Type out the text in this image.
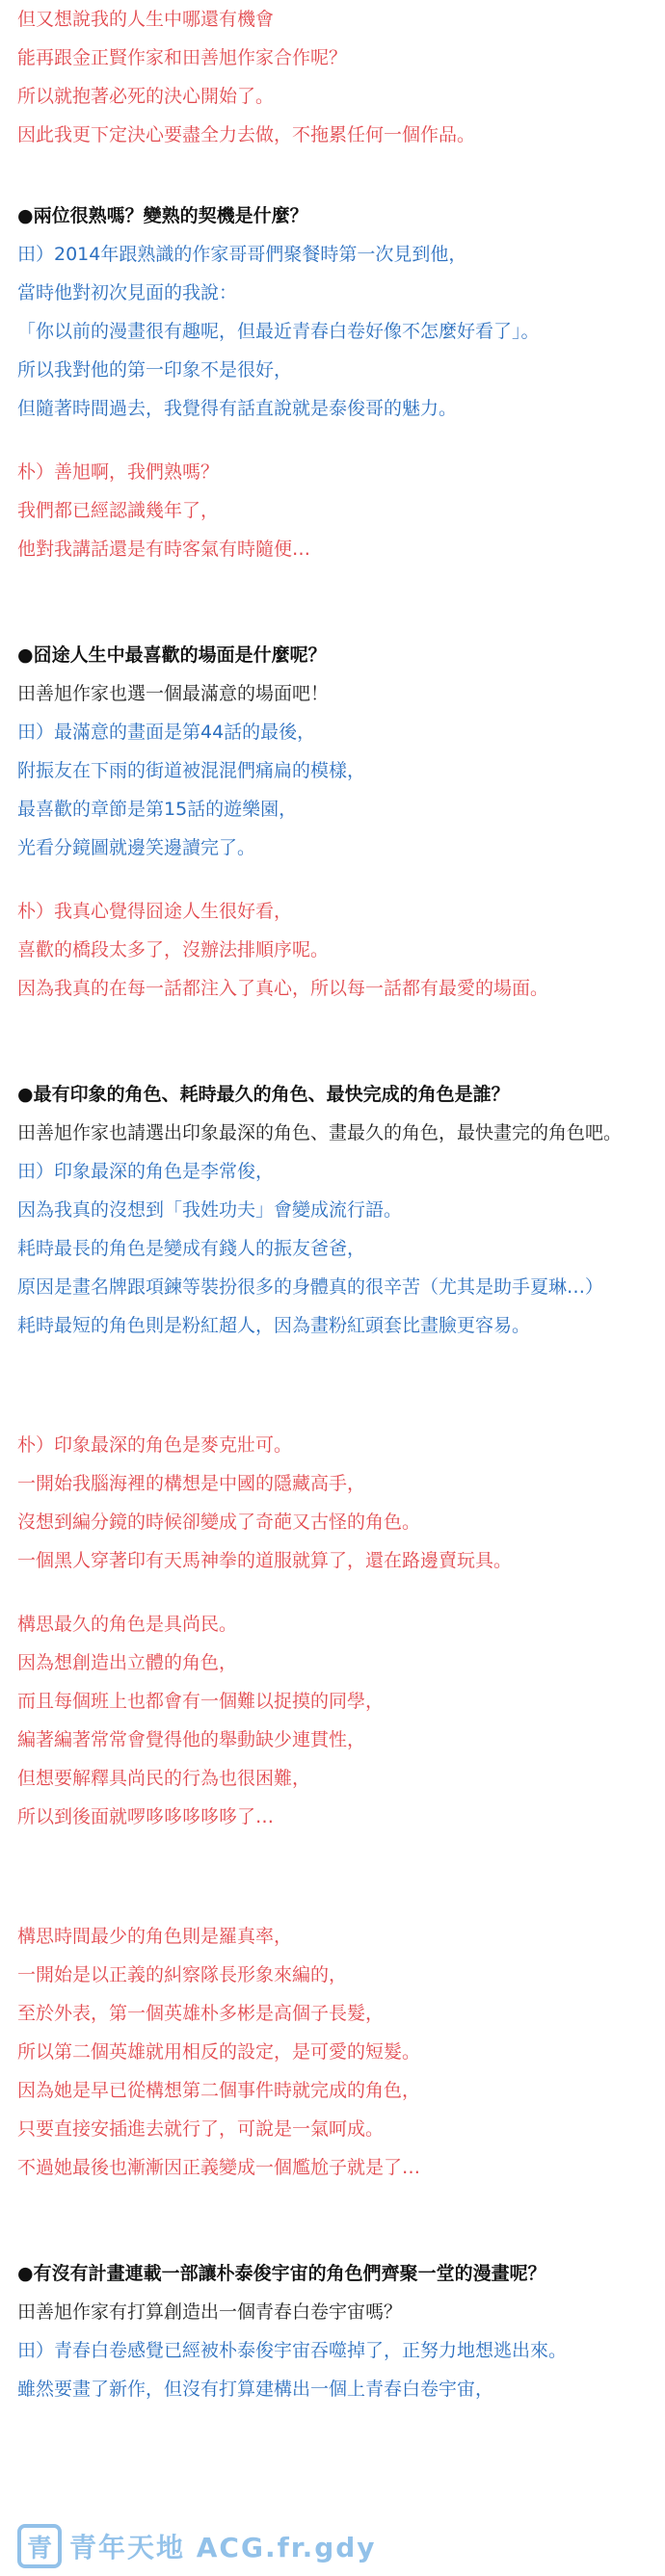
但又想說我的人生中哪還有機會
能再跟金正賢作家和田善旭作家合作呢？
所以就抱著必死的決心開始了。
因此我更下定決心要盡全力去做，不拖累任何一個作品。
●兩位很熟嗎？變熟的契機是什麼？
田）2014年跟熟識的作家哥哥們聚餐時第一次見到他，
當時他對初次見面的我說：
「你以前的漫畫很有趣呢，但最近青春白卷好像不怎麼好看了」。
所以我對他的第一印象不是很好，
但隨著時間過去，我覺得有話直說就是泰俊哥的魅力。
朴）善旭啊，我們熟嗎？
我們都已經認識幾年了，
他對我講話還是有時客氣有時隨便…
●囧途人生中最喜歡的場面是什麼呢？
田善旭作家也選一個最滿意的場面吧！
田）最滿意的畫面是第44話的最後，
附振友在下雨的街道被混混們痛扁的模樣，
最喜歡的章節是第15話的遊樂園，
光看分鏡圖就邊笑邊讀完了。
朴）我真心覺得囧途人生很好看，
喜歡的橋段太多了，沒辦法排順序呢。
因為我真的在每一話都注入了真心，所以每一話都有最愛的場面。
●最有印象的角色、耗時最久的角色、最快完成的角色是誰？
田善旭作家也請選出印象最深的角色、畫最久的角色，最快畫完的角色吧。
田）印象最深的角色是李常俊，
因為我真的沒想到「我姓功夫」會變成流行語。
耗時最長的角色是變成有錢人的振友爸爸，
原因是畫名牌跟項鍊等裝扮很多的身體真的很辛苦（尤其是助手夏琳…）
耗時最短的角色則是粉紅超人，因為畫粉紅頭套比畫臉更容易。
朴）印象最深的角色是麥克壯可。
一開始我腦海裡的構想是中國的隱藏高手，
沒想到編分鏡的時候卻變成了奇葩又古怪的角色。
一個黑人穿著印有天馬神拳的道服就算了，還在路邊賣玩具。
構思最久的角色是具尚民。
因為想創造出立體的角色，
而且每個班上也都會有一個難以捉摸的同學，
編著編著常常會覺得他的舉動缺少連貫性，
但想要解釋具尚民的行為也很困難，
所以到後面就啰哆哆哆哆哆了…
構思時間最少的角色則是羅真率，
一開始是以正義的糾察隊長形象來編的，
至於外表，第一個英雄朴多彬是高個子長髮，
所以第二個英雄就用相反的設定，是可愛的短髮。
因為她是早已從構想第二個事件時就完成的角色，
只要直接安插進去就行了，可說是一氣呵成。
不過她最後也漸漸因正義變成一個尷尬子就是了…
●有沒有計畫連載一部讓朴泰俊宇宙的角色們齊聚一堂的漫畫呢？
田善旭作家有打算創造出一個青春白卷宇宙嗎？
田）青春白卷感覺已經被朴泰俊宇宙吞噬掉了，正努力地想逃出來。
雖然要畫了新作，但沒有打算建構出一個上青春白卷宇宙，
青 青年天地 ACG.fr.gdy
